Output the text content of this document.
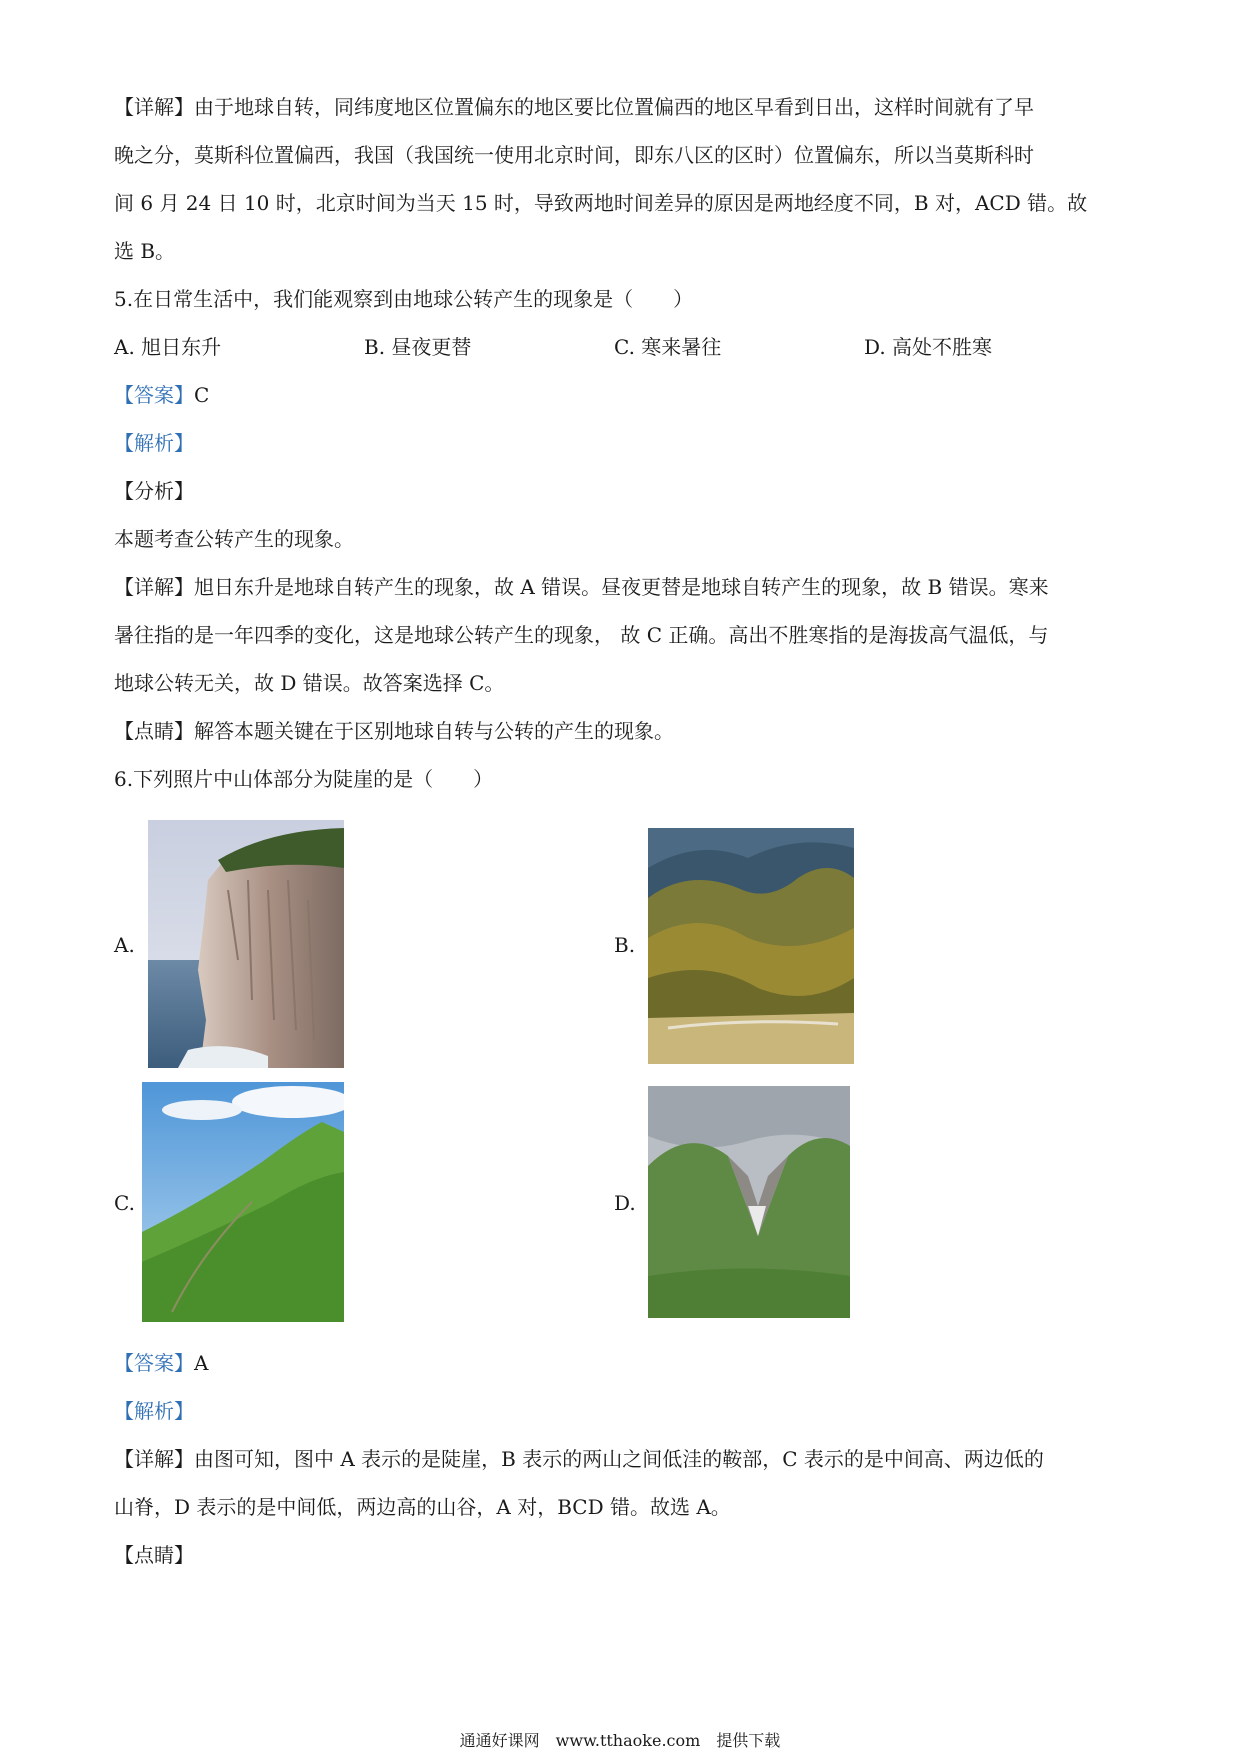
【详解】由于地球自转，同纬度地区位置偏东的地区要比位置偏西的地区早看到日出，这样时间就有了早
晚之分，莫斯科位置偏西，我国（我国统一使用北京时间，即东八区的区时）位置偏东，所以当莫斯科时
间 6 月 24 日 10 时，北京时间为当天 15 时，导致两地时间差异的原因是两地经度不同，B 对，ACD 错。故
选 B。
5.在日常生活中，我们能观察到由地球公转产生的现象是（　　）
A. 旭日东升	B. 昼夜更替	C. 寒来暑往	D. 高处不胜寒
【答案】C
【解析】
【分析】
本题考查公转产生的现象。
【详解】旭日东升是地球自转产生的现象，故 A 错误。昼夜更替是地球自转产生的现象，故 B 错误。寒来
暑往指的是一年四季的变化，这是地球公转产生的现象， 故 C 正确。高出不胜寒指的是海拔高气温低，与
地球公转无关，故 D 错误。故答案选择 C。
【点睛】解答本题关键在于区别地球自转与公转的产生的现象。
6.下列照片中山体部分为陡崖的是（　　）
A.	B.
C.	D.
【答案】A
【解析】
【详解】由图可知，图中 A 表示的是陡崖，B 表示的两山之间低洼的鞍部，C 表示的是中间高、两边低的
山脊，D 表示的是中间低，两边高的山谷，A 对，BCD 错。故选 A。
【点睛】
通通好课网　www.tthaoke.com　提供下载
